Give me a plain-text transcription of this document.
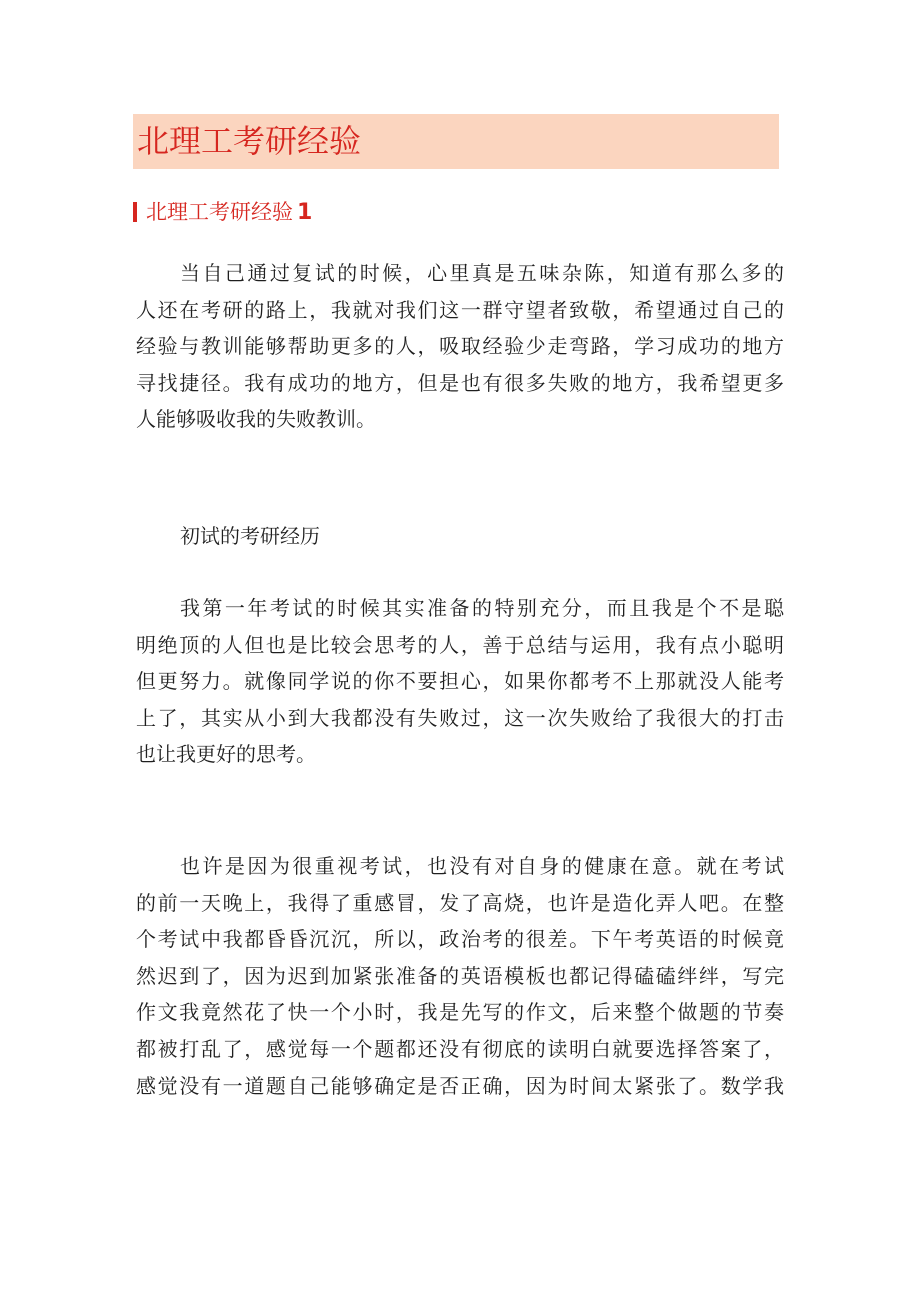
北理工考研经验
北理工考研经验 1
当自己通过复试的时候，心里真是五味杂陈，知道有那么多的
人还在考研的路上，我就对我们这一群守望者致敬，希望通过自己的
经验与教训能够帮助更多的人，吸取经验少走弯路，学习成功的地方
寻找捷径。我有成功的地方，但是也有很多失败的地方，我希望更多
人能够吸收我的失败教训。
初试的考研经历
我第一年考试的时候其实准备的特别充分，而且我是个不是聪
明绝顶的人但也是比较会思考的人，善于总结与运用，我有点小聪明
但更努力。就像同学说的你不要担心，如果你都考不上那就没人能考
上了，其实从小到大我都没有失败过，这一次失败给了我很大的打击
也让我更好的思考。
也许是因为很重视考试，也没有对自身的健康在意。就在考试
的前一天晚上，我得了重感冒，发了高烧，也许是造化弄人吧。在整
个考试中我都昏昏沉沉，所以，政治考的很差。下午考英语的时候竟
然迟到了，因为迟到加紧张准备的英语模板也都记得磕磕绊绊，写完
作文我竟然花了快一个小时，我是先写的作文，后来整个做题的节奏
都被打乱了，感觉每一个题都还没有彻底的读明白就要选择答案了，
感觉没有一道题自己能够确定是否正确，因为时间太紧张了。数学我
